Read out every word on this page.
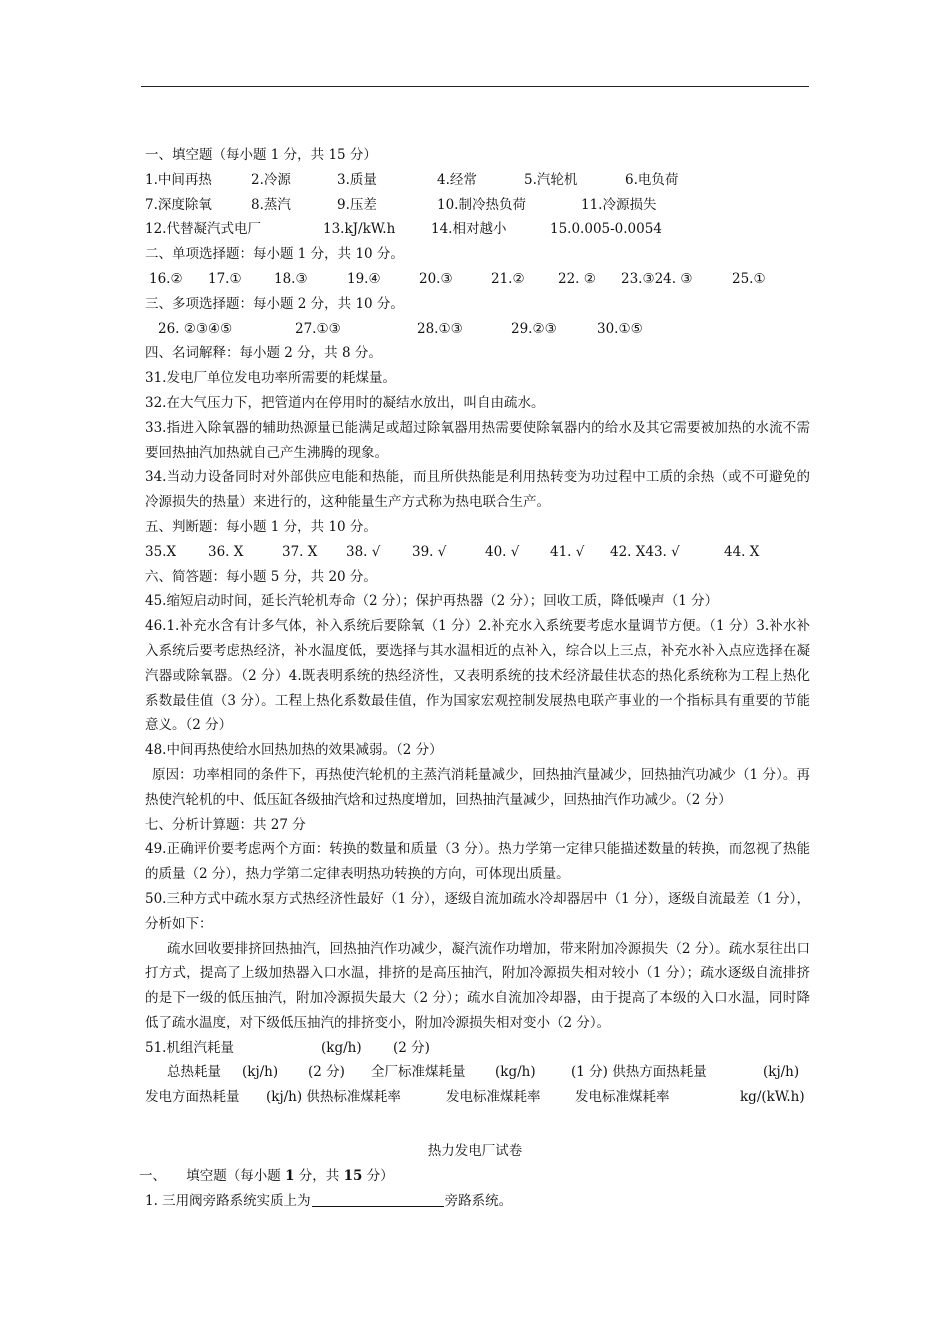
一、填空题（每小题 1 分，共 15 分）
1.中间再热	2.冷源	3.质量	4.经常	5.汽轮机	6.电负荷
7.深度除氧	8.蒸汽	9.压差	10.制冷热负荷	11.冷源损失
12.代替凝汽式电厂	13.kJ/kW.h	14.相对越小	15.0.005-0.0054
二、单项选择题：每小题 1 分，共 10 分。
16.② 17.① 18.③	19.④	20.③	21.② 22. ② 23.③24. ③	25.①
三、多项选择题：每小题 2 分，共 10 分。
26. ②③④⑤	27.①③	28.①③	29.②③	30.①⑤
四、名词解释：每小题 2 分，共 8 分。
31.发电厂单位发电功率所需要的耗煤量。
32.在大气压力下，把管道内在停用时的凝结水放出，叫自由疏水。
33.指进入除氧器的辅助热源量已能满足或超过除氧器用热需要使除氧器内的给水及其它需要被加热的水流不需要回热抽汽加热就自己产生沸腾的现象。
34.当动力设备同时对外部供应电能和热能，而且所供热能是利用热转变为功过程中工质的余热（或不可避免的冷源损失的热量）来进行的，这种能量生产方式称为热电联合生产。
五、判断题：每小题 1 分，共 10 分。
35.X 36. X	37. X 38. √ 39. √	40. √ 41. √ 42. X43. √	44. X
六、简答题：每小题 5 分，共 20 分。
45.缩短启动时间，延长汽轮机寿命（2 分）；保护再热器（2 分）；回收工质，降低噪声（1 分）
46.1.补充水含有计多气体，补入系统后要除氧（1 分）2.补充水入系统要考虑水量调节方便。（1 分）3.补水补入系统后要考虑热经济，补水温度低，要选择与其水温相近的点补入，综合以上三点，补充水补入点应选择在凝汽器或除氧器。（2 分）4.既表明系统的热经济性，又表明系统的技术经济最佳状态的热化系统称为工程上热化系数最佳值（3 分）。工程上热化系数最佳值，作为国家宏观控制发展热电联产事业的一个指标具有重要的节能意义。（2 分）
48.中间再热使给水回热加热的效果减弱。（2 分）
原因：功率相同的条件下，再热使汽轮机的主蒸汽消耗量减少，回热抽汽量减少，回热抽汽功减少（1 分）。再热使汽轮机的中、低压缸各级抽汽焓和过热度增加，回热抽汽量减少，回热抽汽作功减少。（2 分）
七、分析计算题：共 27 分
49.正确评价要考虑两个方面：转换的数量和质量（3 分）。热力学第一定律只能描述数量的转换，而忽视了热能的质量（2 分），热力学第二定律表明热功转换的方向，可体现出质量。
50.三种方式中疏水泵方式热经济性最好（1 分），逐级自流加疏水冷却器居中（1 分），逐级自流最差（1 分），分析如下：
疏水回收要排挤回热抽汽，回热抽汽作功减少，凝汽流作功增加，带来附加冷源损失（2 分）。疏水泵往出口打方式，提高了上级加热器入口水温，排挤的是高压抽汽，附加冷源损失相对较小（1 分）；疏水逐级自流排挤的是下一级的低压抽汽，附加冷源损失最大（2 分）；疏水自流加冷却器，由于提高了本级的入口水温，同时降低了疏水温度，对下级低压抽汽的排挤变小，附加冷源损失相对变小（2 分）。
51.机组汽耗量	(kg/h) (2 分)
总热耗量 (kj/h) (2 分) 全厂标准煤耗量 (kg/h)	(1 分) 供热方面热耗量	(kj/h)
发电方面热耗量 (kj/h) 供热标准煤耗率	发电标准煤耗率	发电标准煤耗率	kg/(kW.h)
热力发电厂试卷
一、 填空题（每小题 1 分，共 15 分）
1. 三用阀旁路系统实质上为	旁路系统。
